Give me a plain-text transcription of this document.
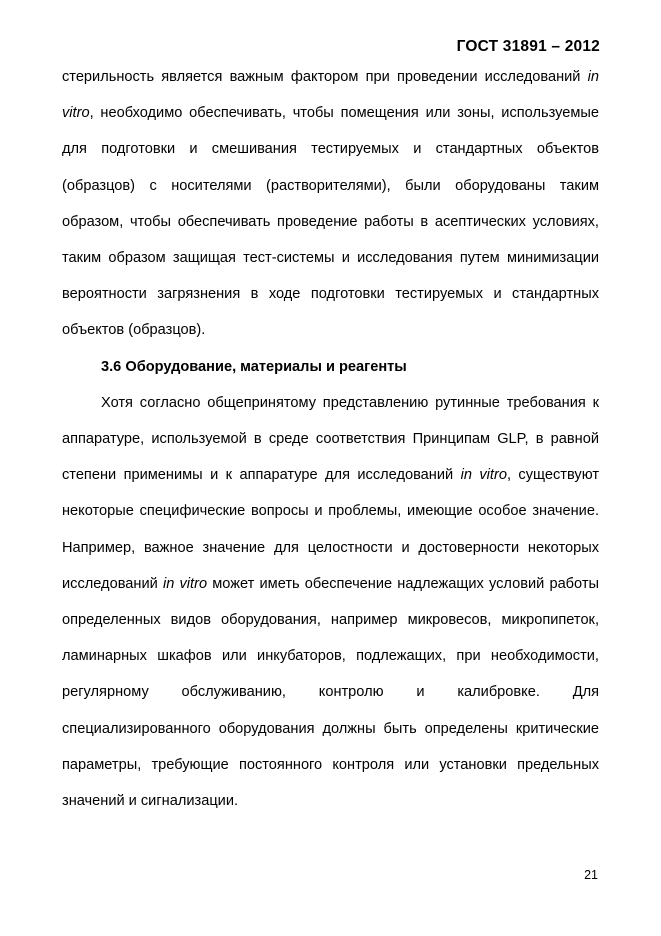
ГОСТ 31891 – 2012

стерильность является важным фактором при проведении исследований in vitro, необходимо обеспечивать, чтобы помещения или зоны, используемые для подготовки и смешивания тестируемых и стандартных объектов (образцов) с носителями (растворителями), были оборудованы таким образом, чтобы обеспечивать проведение работы в асептических условиях, таким образом защищая тест-системы и исследования путем минимизации вероятности загрязнения в ходе подготовки тестируемых и стандартных объектов (образцов).

3.6 Оборудование, материалы и реагенты

Хотя согласно общепринятому представлению рутинные требования к аппаратуре, используемой в среде соответствия Принципам GLP, в равной степени применимы и к аппаратуре для исследований in vitro, существуют некоторые специфические вопросы и проблемы, имеющие особое значение. Например, важное значение для целостности и достоверности некоторых исследований in vitro может иметь обеспечение надлежащих условий работы определенных видов оборудования, например микровесов, микропипеток, ламинарных шкафов или инкубаторов, подлежащих, при необходимости, регулярному обслуживанию, контролю и калибровке. Для специализированного оборудования должны быть определены критические параметры, требующие постоянного контроля или установки предельных значений и сигнализации.

21
